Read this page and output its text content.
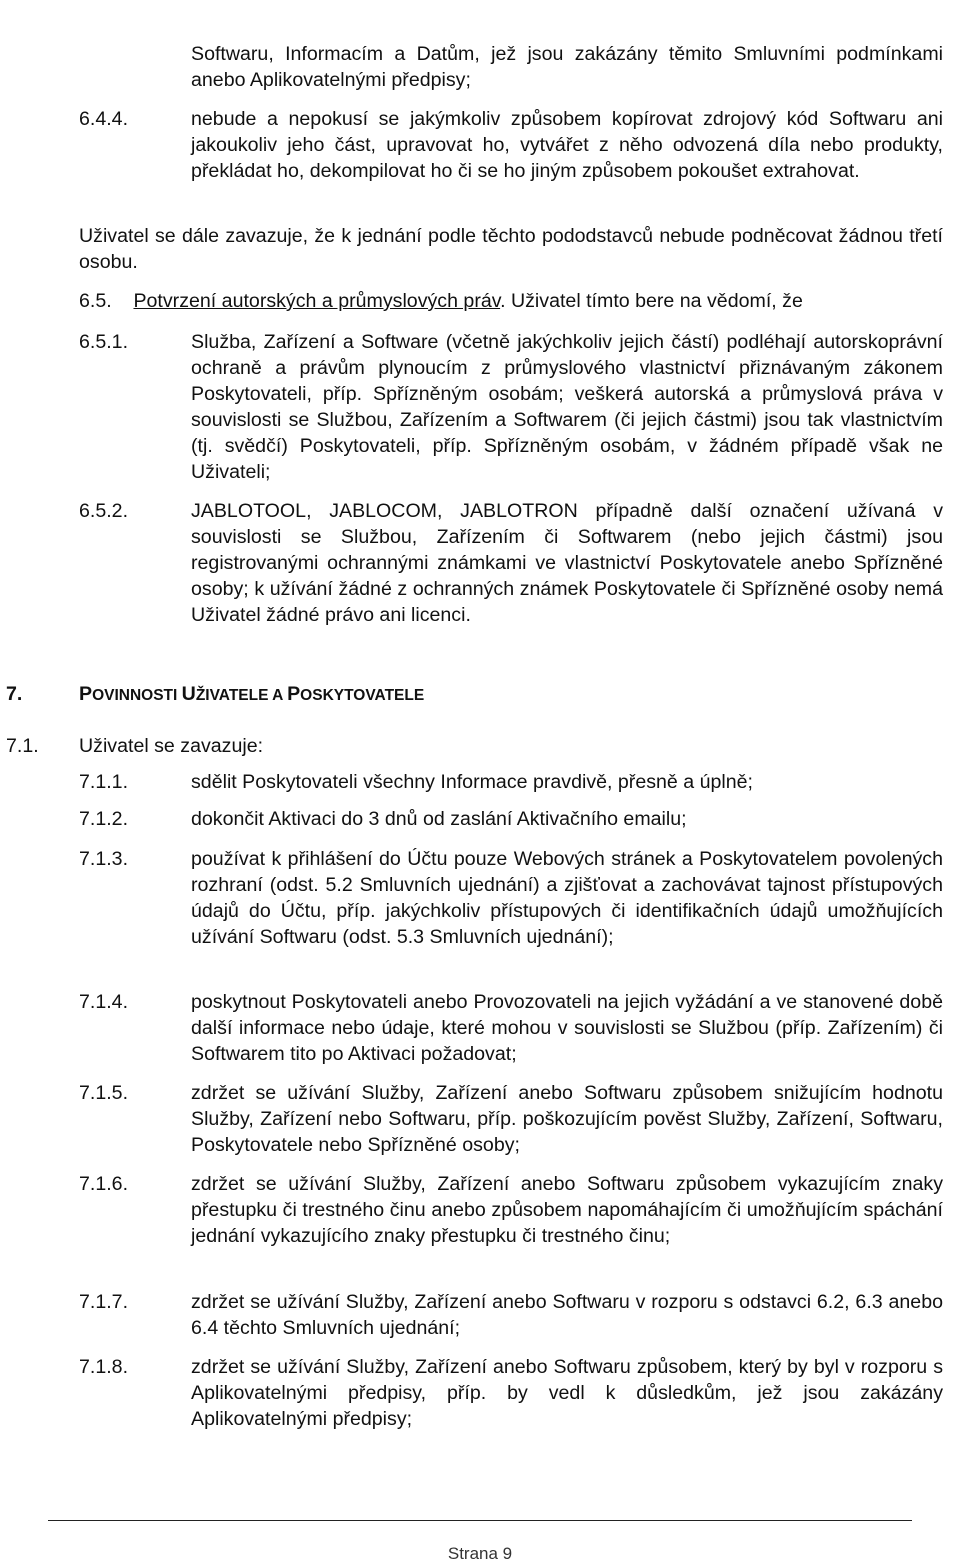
Softwaru, Informacím a Datům, jež jsou zakázány těmito Smluvními podmínkami anebo Aplikovatelnými předpisy;
6.4.4.	nebude a nepokusí se jakýmkoliv způsobem kopírovat zdrojový kód Softwaru ani jakoukoliv jeho část, upravovat ho, vytvářet z něho odvozená díla nebo produkty, překládat ho, dekompilovat ho či se ho jiným způsobem pokoušet extrahovat.
Uživatel se dále zavazuje, že k jednání podle těchto pododstavců nebude podněcovat žádnou třetí osobu.
6.5.	Potvrzení autorských a průmyslových práv. Uživatel tímto bere na vědomí, že
6.5.1.	Služba, Zařízení a Software (včetně jakýchkoliv jejich částí) podléhají autorskoprávní ochraně a právům plynoucím z průmyslového vlastnictví přiznávaným zákonem Poskytovateli, příp. Spřízněným osobám; veškerá autorská a průmyslová práva v souvislosti se Službou, Zařízením a Softwarem (či jejich částmi) jsou tak vlastnictvím (tj. svědčí) Poskytovateli, příp. Spřízněným osobám, v žádném případě však ne Uživateli;
6.5.2.	JABLOTOOL, JABLOCOM, JABLOTRON případně další označení užívaná v souvislosti se Službou, Zařízením či Softwarem (nebo jejich částmi) jsou registrovanými ochrannými známkami ve vlastnictví Poskytovatele anebo Spřízněné osoby; k užívání žádné z ochranných známek Poskytovatele či Spřízněné osoby nemá Uživatel žádné právo ani licenci.
7.	POVINNOSTI UŽIVATELE A POSKYTOVATELE
7.1. Uživatel se zavazuje:
7.1.1.	sdělit Poskytovateli všechny Informace pravdivě, přesně a úplně;
7.1.2.	dokončit Aktivaci do 3 dnů od zaslání Aktivačního emailu;
7.1.3.	používat k přihlášení do Účtu pouze Webových stránek a Poskytovatelem povolených rozhraní (odst. 5.2 Smluvních ujednání) a zjišťovat a zachovávat tajnost přístupových údajů do Účtu, příp. jakýchkoliv přístupových či identifikačních údajů umožňujících užívání Softwaru (odst. 5.3 Smluvních ujednání);
7.1.4.	poskytnout Poskytovateli anebo Provozovateli na jejich vyžádání a ve stanovené době další informace nebo údaje, které mohou v souvislosti se Službou (příp. Zařízením) či Softwarem tito po Aktivaci požadovat;
7.1.5.	zdržet se užívání Služby, Zařízení anebo Softwaru způsobem snižujícím hodnotu Služby, Zařízení nebo Softwaru, příp. poškozujícím pověst Služby, Zařízení, Softwaru, Poskytovatele nebo Spřízněné osoby;
7.1.6.	zdržet se užívání Služby, Zařízení anebo Softwaru způsobem vykazujícím znaky přestupku či trestného činu anebo způsobem napomáhajícím či umožňujícím spáchání jednání vykazujícího znaky přestupku či trestného činu;
7.1.7.	zdržet se užívání Služby, Zařízení anebo Softwaru v rozporu s odstavci 6.2, 6.3 anebo 6.4 těchto Smluvních ujednání;
7.1.8.	zdržet se užívání Služby, Zařízení anebo Softwaru způsobem, který by byl v rozporu s Aplikovatelnými předpisy, příp. by vedl k důsledkům, jež jsou zakázány Aplikovatelnými předpisy;
Strana 9
